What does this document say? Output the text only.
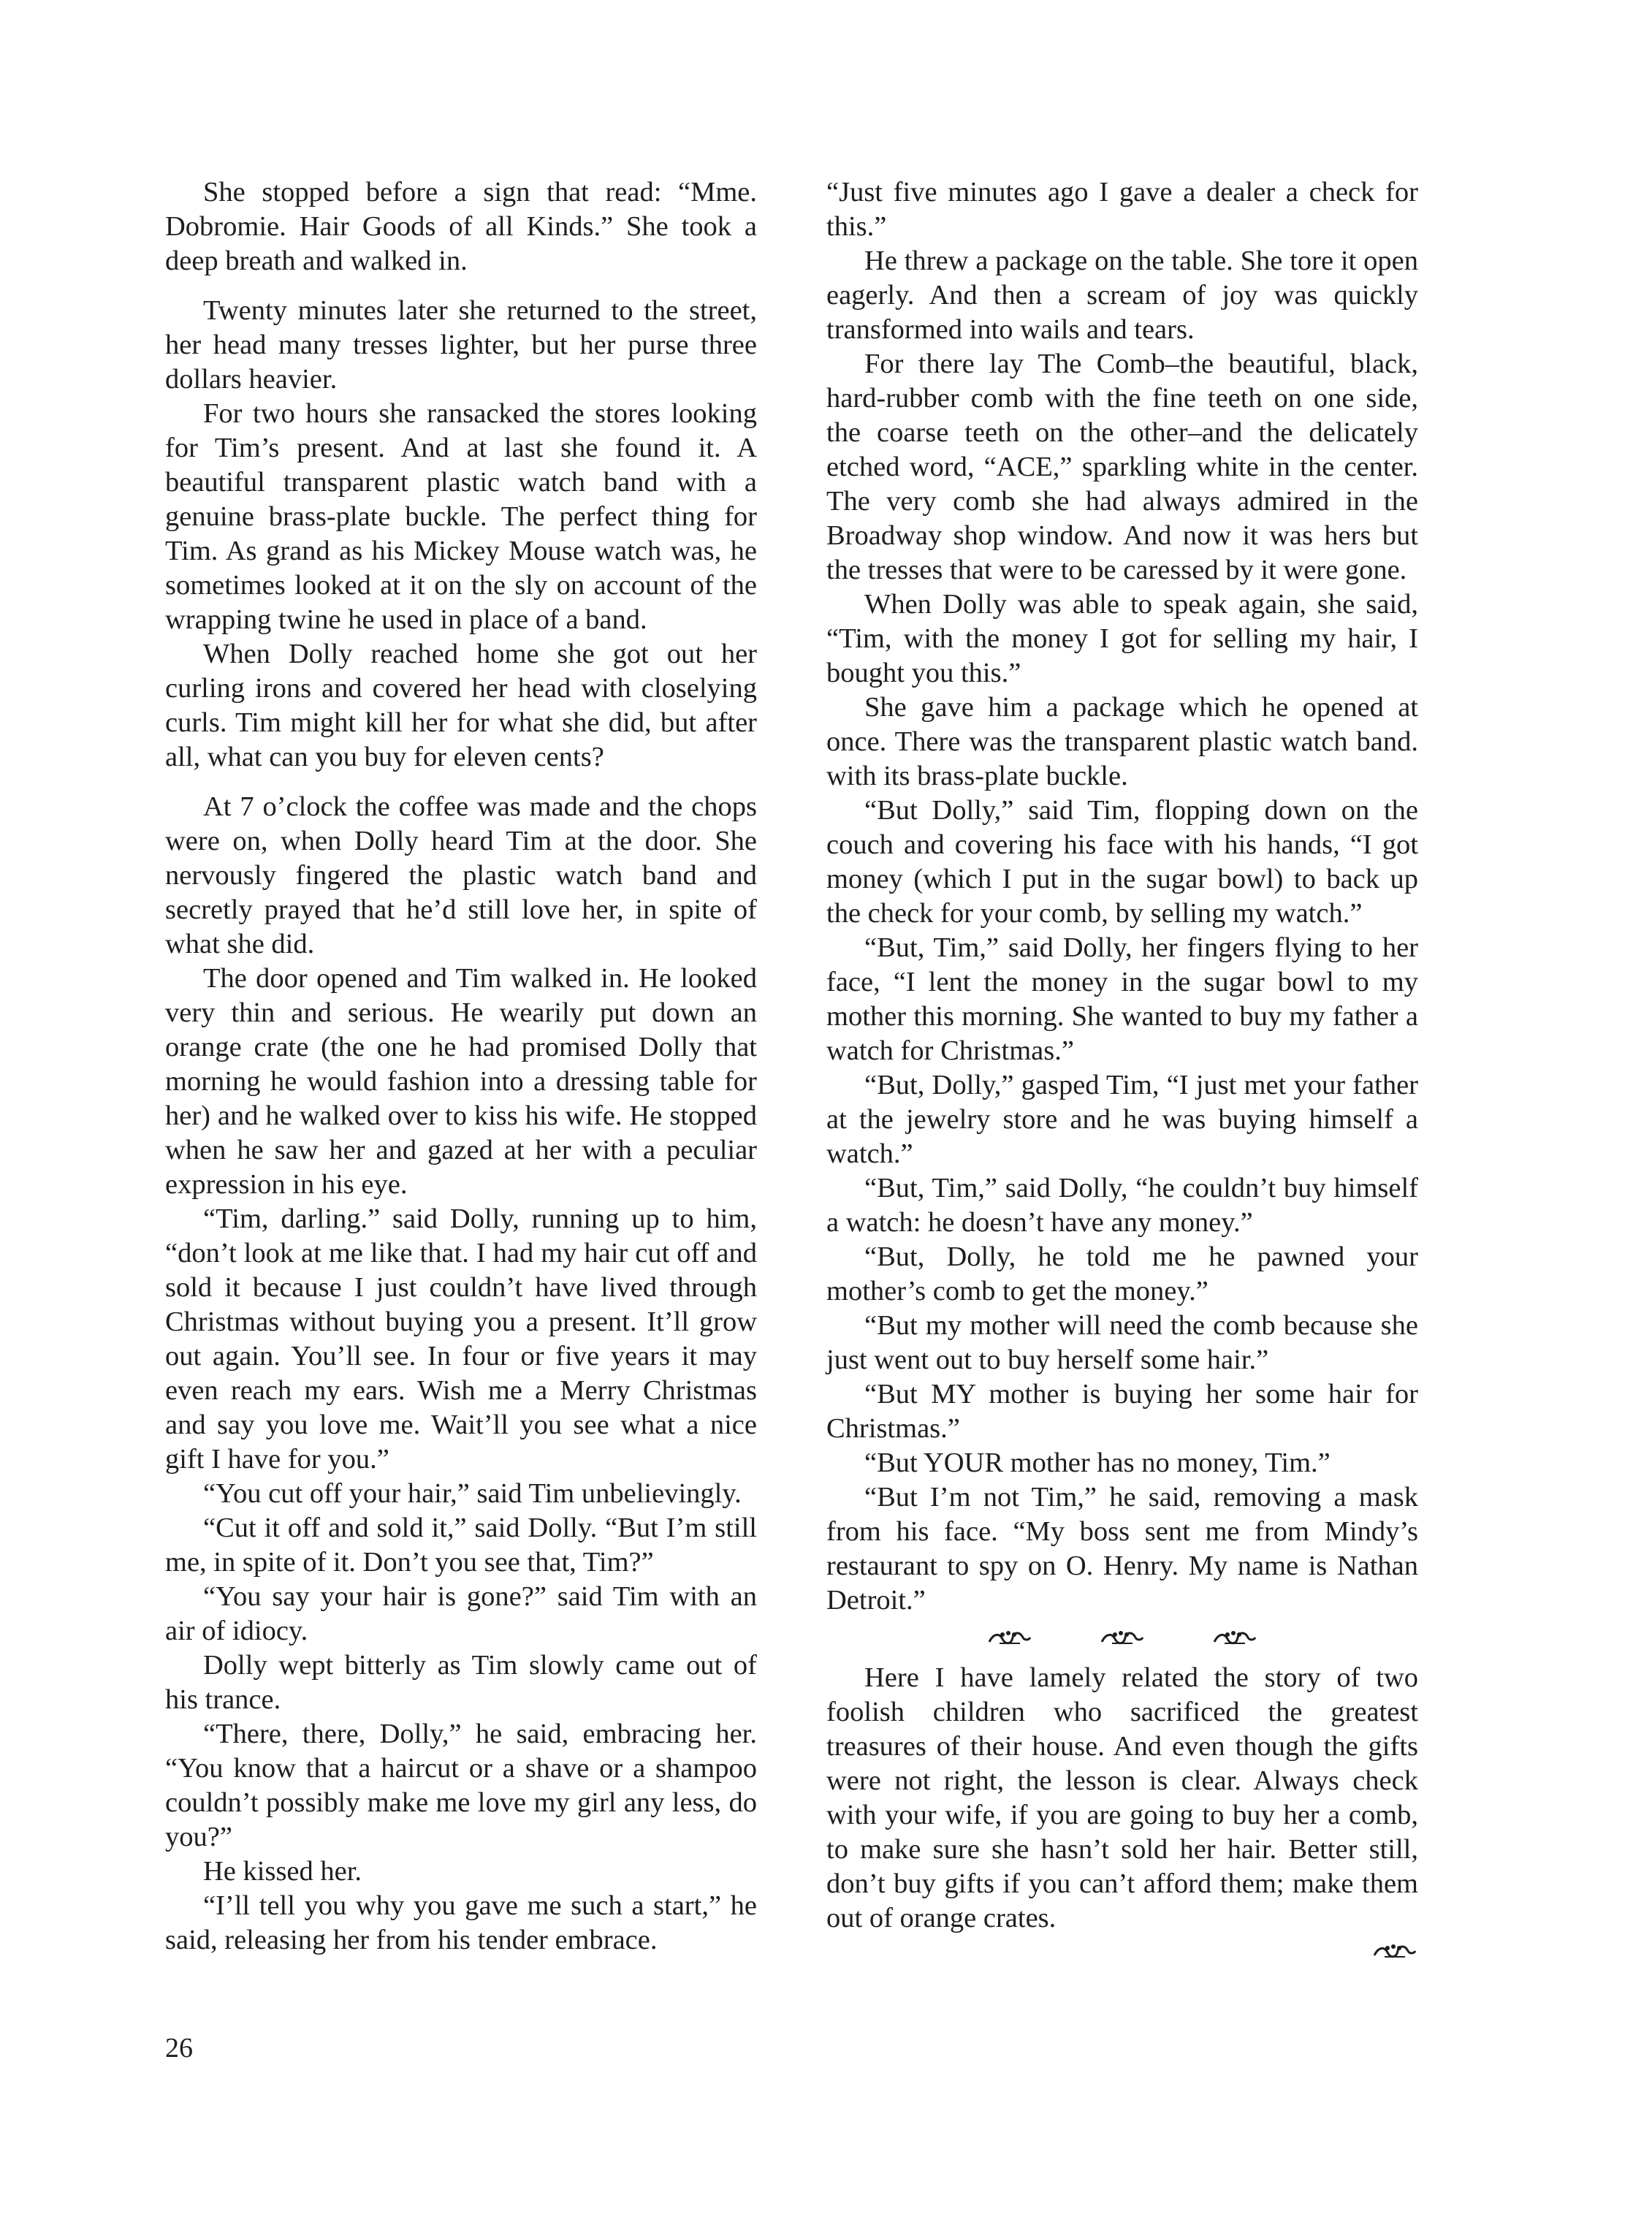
She stopped before a sign that read: “Mme. Dobromie. Hair Goods of all Kinds.” She took a deep breath and walked in.

Twenty minutes later she returned to the street, her head many tresses lighter, but her purse three dollars heavier.

For two hours she ransacked the stores looking for Tim’s present. And at last she found it. A beautiful transparent plastic watch band with a genuine brass-plate buckle. The perfect thing for Tim. As grand as his Mickey Mouse watch was, he sometimes looked at it on the sly on account of the wrapping twine he used in place of a band.

When Dolly reached home she got out her curling irons and covered her head with closelying curls. Tim might kill her for what she did, but after all, what can you buy for eleven cents?

At 7 o’clock the coffee was made and the chops were on, when Dolly heard Tim at the door. She nervously fingered the plastic watch band and secretly prayed that he’d still love her, in spite of what she did.

The door opened and Tim walked in. He looked very thin and serious. He wearily put down an orange crate (the one he had promised Dolly that morning he would fashion into a dressing table for her) and he walked over to kiss his wife. He stopped when he saw her and gazed at her with a peculiar expression in his eye.

“Tim, darling.” said Dolly, running up to him, “don’t look at me like that. I had my hair cut off and sold it because I just couldn’t have lived through Christmas without buying you a present. It’ll grow out again. You’ll see. In four or five years it may even reach my ears. Wish me a Merry Christmas and say you love me. Wait’ll you see what a nice gift I have for you.”

“You cut off your hair,” said Tim unbelievingly.

“Cut it off and sold it,” said Dolly. “But I’m still me, in spite of it. Don’t you see that, Tim?”

“You say your hair is gone?” said Tim with an air of idiocy.

Dolly wept bitterly as Tim slowly came out of his trance.

“There, there, Dolly,” he said, embracing her. “You know that a haircut or a shave or a shampoo couldn’t possibly make me love my girl any less, do you?”

He kissed her.

“I’ll tell you why you gave me such a start,” he said, releasing her from his tender embrace.

“Just five minutes ago I gave a dealer a check for this.”

He threw a package on the table. She tore it open eagerly. And then a scream of joy was quickly transformed into wails and tears.

For there lay The Comb–the beautiful, black, hard-rubber comb with the fine teeth on one side, the coarse teeth on the other–and the delicately etched word, “ACE,” sparkling white in the center. The very comb she had always admired in the Broadway shop window. And now it was hers but the tresses that were to be caressed by it were gone.

When Dolly was able to speak again, she said, “Tim, with the money I got for selling my hair, I bought you this.”

She gave him a package which he opened at once. There was the transparent plastic watch band. with its brass-plate buckle.

“But Dolly,” said Tim, flopping down on the couch and covering his face with his hands, “I got money (which I put in the sugar bowl) to back up the check for your comb, by selling my watch.”

“But, Tim,” said Dolly, her fingers flying to her face, “I lent the money in the sugar bowl to my mother this morning. She wanted to buy my father a watch for Christmas.”

“But, Dolly,” gasped Tim, “I just met your father at the jewelry store and he was buying himself a watch.”

“But, Tim,” said Dolly, “he couldn’t buy himself a watch: he doesn’t have any money.”

“But, Dolly, he told me he pawned your mother’s comb to get the money.”

“But my mother will need the comb because she just went out to buy herself some hair.”

“But MY mother is buying her some hair for Christmas.”

“But YOUR mother has no money, Tim.”

“But I’m not Tim,” he said, removing a mask from his face. “My boss sent me from Mindy’s restaurant to spy on O. Henry. My name is Nathan Detroit.”

Here I have lamely related the story of two foolish children who sacrificed the greatest treasures of their house. And even though the gifts were not right, the lesson is clear. Always check with your wife, if you are going to buy her a comb, to make sure she hasn’t sold her hair. Better still, don’t buy gifts if you can’t afford them; make them out of orange crates.

26
